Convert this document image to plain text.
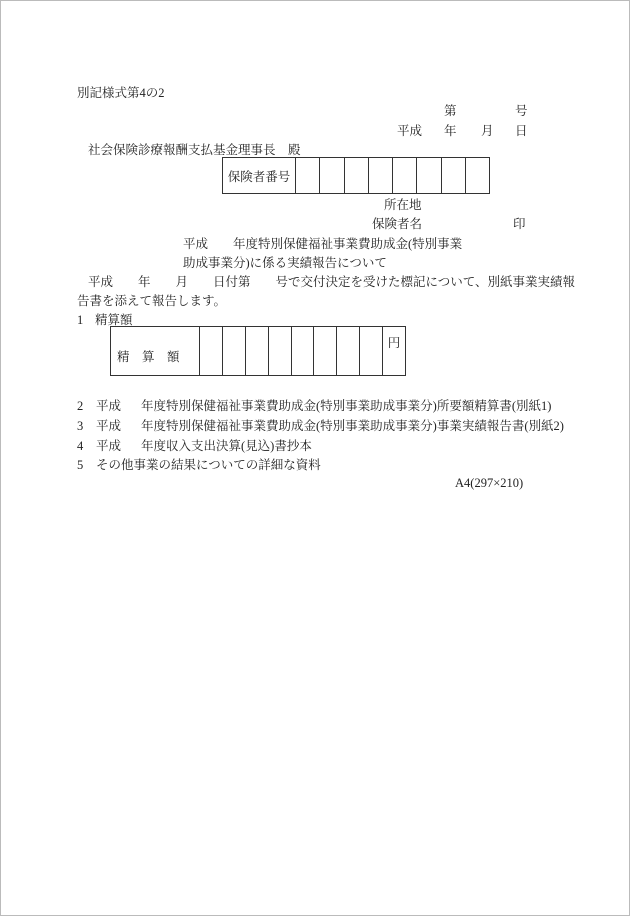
別記様式第4の2
第	号
平成 年 月 日
社会保険診療報酬支払基金理事長　殿
保険者番号								
所在地
保険者名	印
平成　　年度特別保健福祉事業費助成金(特別事業
助成事業分)に係る実績報告について
平成　　年　　月　　日付第　　号で交付決定を受けた標記について、別紙事業実績報
告書を添えて報告します。
1 精算額
精　算　額									円
2 平成 年度特別保健福祉事業費助成金(特別事業助成事業分)所要額精算書(別紙1)
3 平成 年度特別保健福祉事業費助成金(特別事業助成事業分)事業実績報告書(別紙2)
4 平成 年度収入支出決算(見込)書抄本
5 その他事業の結果についての詳細な資料
A4(297×210)
